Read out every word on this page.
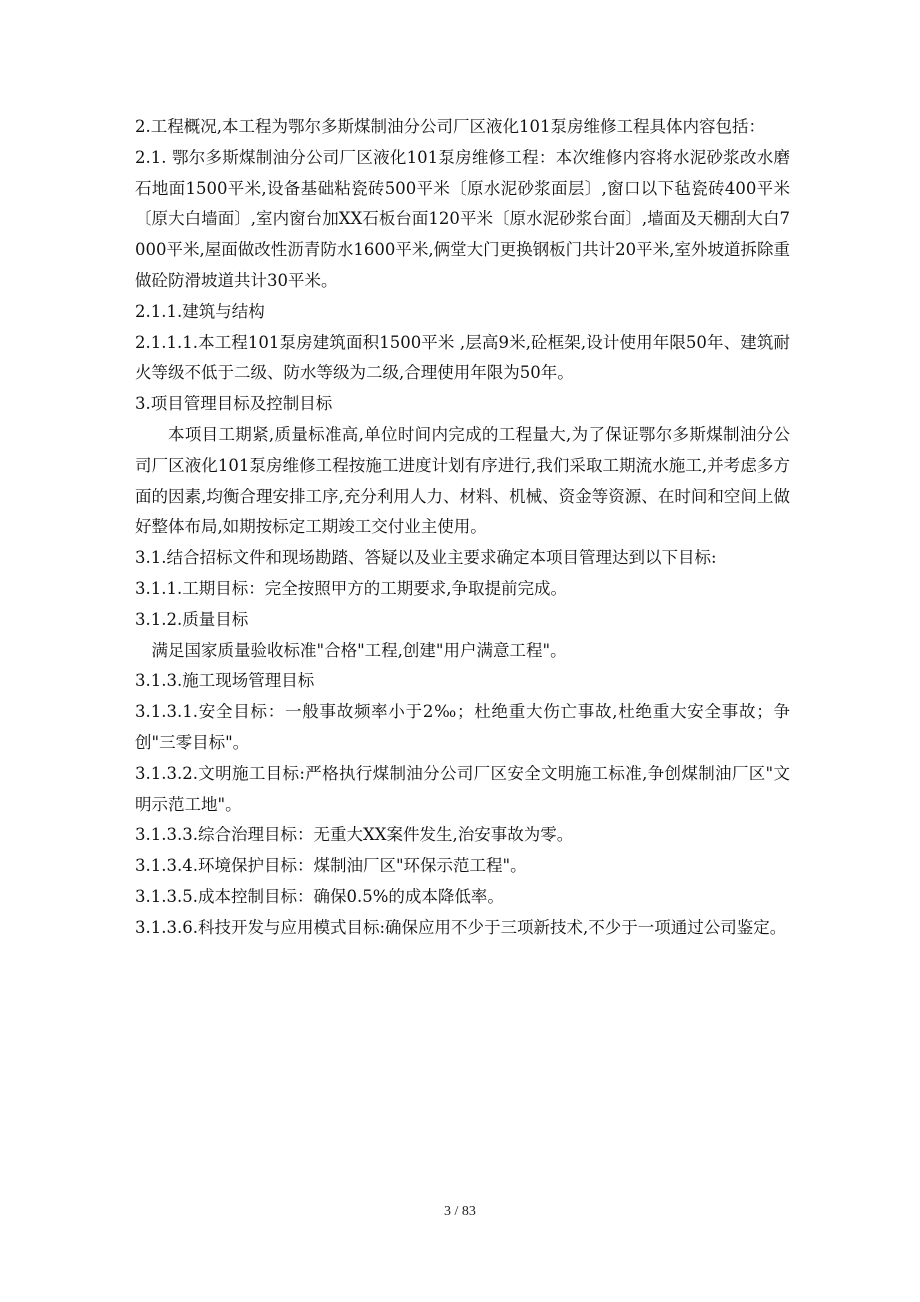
2.工程概况,本工程为鄂尔多斯煤制油分公司厂区液化101泵房维修工程具体内容包括：

2.1. 鄂尔多斯煤制油分公司厂区液化101泵房维修工程：本次维修内容将水泥砂浆改水磨石地面1500平米,设备基础粘瓷砖500平米〔原水泥砂浆面层〕,窗口以下毡瓷砖400平米〔原大白墙面〕,室内窗台加XX石板台面120平米〔原水泥砂浆台面〕,墙面及天棚刮大白7000平米,屋面做改性沥青防水1600平米,俩堂大门更换钢板门共计20平米,室外坡道拆除重做砼防滑坡道共计30平米。

2.1.1.建筑与结构

2.1.1.1.本工程101泵房建筑面积1500平米 ,层高9米,砼框架,设计使用年限50年、建筑耐火等级不低于二级、防水等级为二级,合理使用年限为50年。

3.项目管理目标及控制目标

本项目工期紧,质量标准高,单位时间内完成的工程量大,为了保证鄂尔多斯煤制油分公司厂区液化101泵房维修工程按施工进度计划有序进行,我们采取工期流水施工,并考虑多方面的因素,均衡合理安排工序,充分利用人力、材料、机械、资金等资源、在时间和空间上做好整体布局,如期按标定工期竣工交付业主使用。

3.1.结合招标文件和现场勘踏、答疑以及业主要求确定本项目管理达到以下目标:

3.1.1.工期目标：完全按照甲方的工期要求,争取提前完成。

3.1.2.质量目标

满足国家质量验收标准"合格"工程,创建"用户满意工程"。

3.1.3.施工现场管理目标

3.1.3.1.安全目标：一般事故频率小于2‰；杜绝重大伤亡事故,杜绝重大安全事故；争创"三零目标"。

3.1.3.2.文明施工目标:严格执行煤制油分公司厂区安全文明施工标准,争创煤制油厂区"文明示范工地"。

3.1.3.3.综合治理目标：无重大XX案件发生,治安事故为零。

3.1.3.4.环境保护目标：煤制油厂区"环保示范工程"。

3.1.3.5.成本控制目标：确保0.5%的成本降低率。

3.1.3.6.科技开发与应用模式目标:确保应用不少于三项新技术,不少于一项通过公司鉴定。

3 / 83
